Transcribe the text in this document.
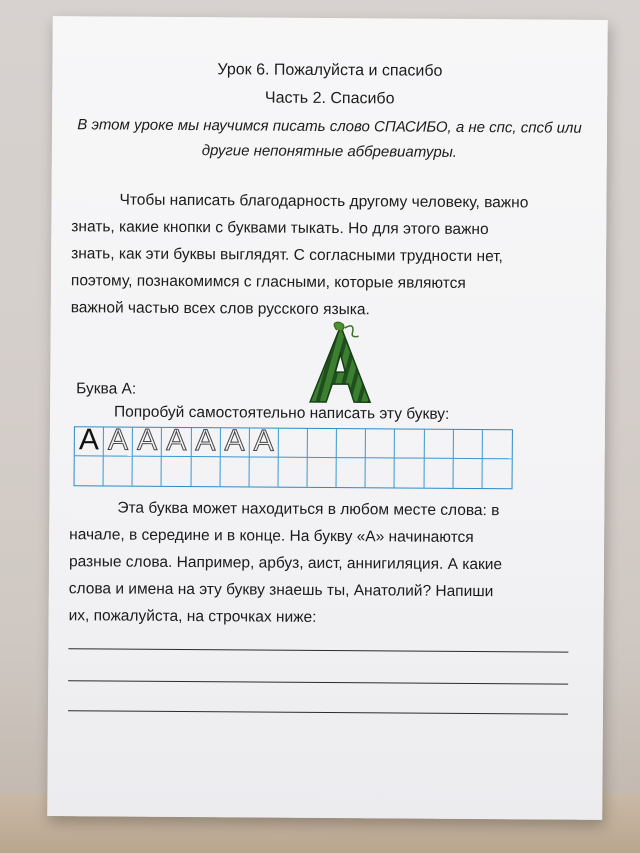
Урок 6. Пожалуйста и спасибо
Часть 2. Спасибо
В этом уроке мы научимся писать слово СПАСИБО, а не спс, спсб или другие непонятные аббревиатуры.

Чтобы написать благодарность другому человеку, важно

знать, какие кнопки с буквами тыкать. Но для этого важно

знать, как эти буквы выглядят. С согласными трудности нет,

поэтому, познакомимся с гласными, которые являются

важной частью всех слов русского языка.

Буква А:
Попробуй самостоятельно написать эту букву:
А А А А А А А

Эта буква может находиться в любом месте слова: в

начале, в середине и в конце. На букву «А» начинаются

разные слова. Например, арбуз, аист, аннигиляция. А какие

слова и имена на эту букву знаешь ты, Анатолий? Напиши

их, пожалуйста, на строчках ниже:
